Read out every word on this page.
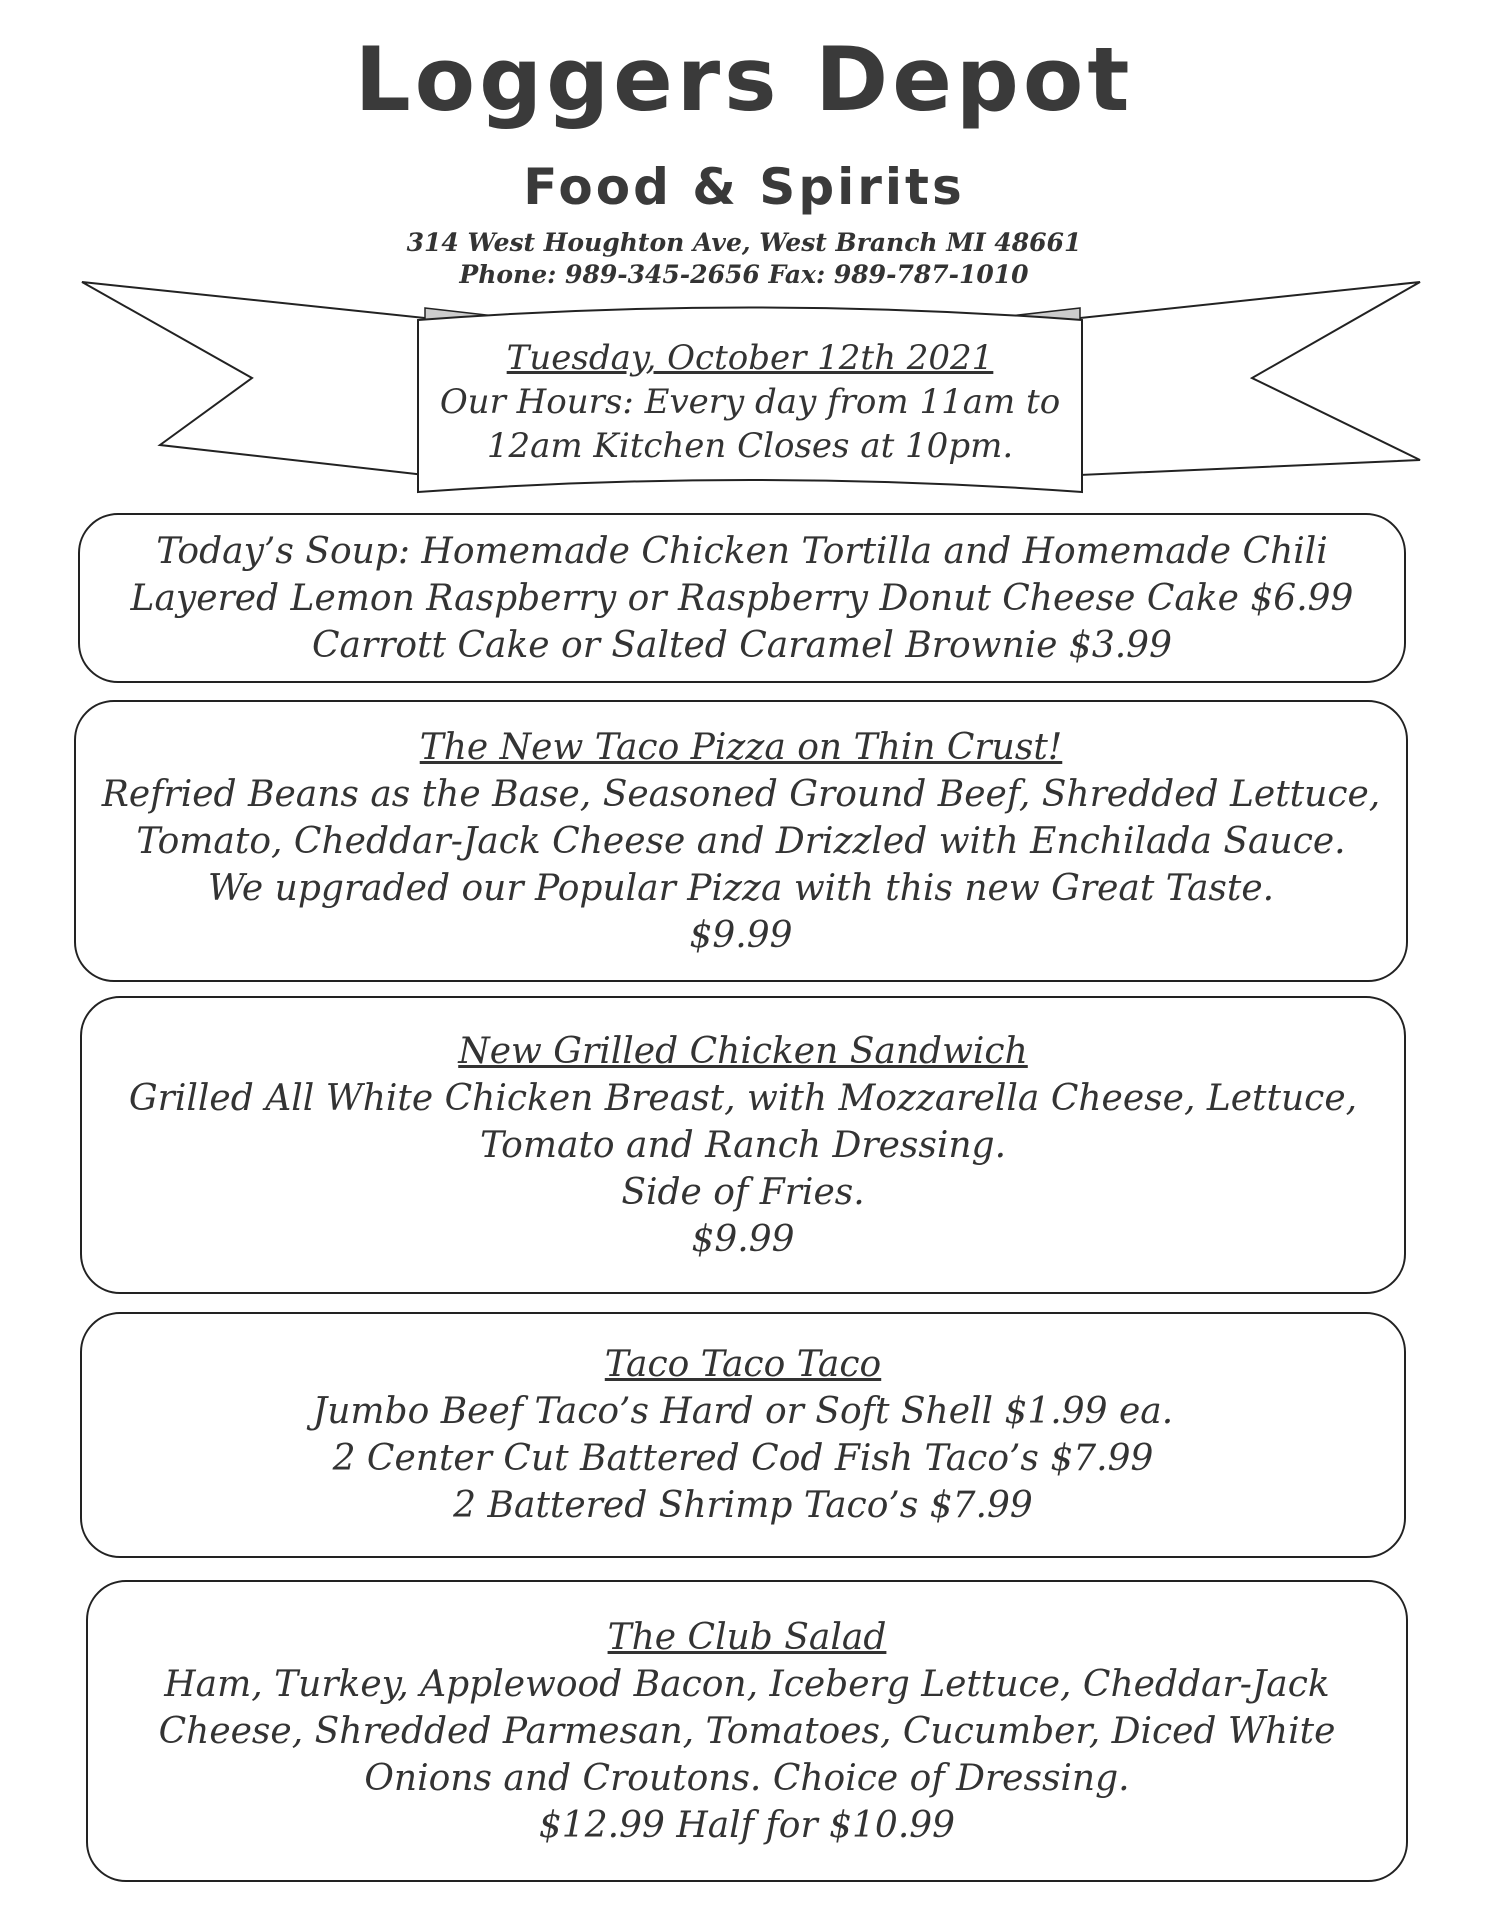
Loggers Depot
Food & Spirits
314 West Houghton Ave, West Branch MI 48661
Phone: 989-345-2656 Fax: 989-787-1010
Tuesday, October 12th 2021
Our Hours: Every day from 11am to
12am Kitchen Closes at 10pm.
Today’s Soup: Homemade Chicken Tortilla and Homemade Chili
Layered Lemon Raspberry or Raspberry Donut Cheese Cake $6.99
Carrott Cake or Salted Caramel Brownie $3.99
The New Taco Pizza on Thin Crust!
Refried Beans as the Base, Seasoned Ground Beef, Shredded Lettuce,
Tomato, Cheddar-Jack Cheese and Drizzled with Enchilada Sauce.
We upgraded our Popular Pizza with this new Great Taste.
$9.99
New Grilled Chicken Sandwich
Grilled All White Chicken Breast, with Mozzarella Cheese, Lettuce,
Tomato and Ranch Dressing.
Side of Fries.
$9.99
Taco Taco Taco
Jumbo Beef Taco’s Hard or Soft Shell $1.99 ea.
2 Center Cut Battered Cod Fish Taco’s $7.99
2 Battered Shrimp Taco’s $7.99
The Club Salad
Ham, Turkey, Applewood Bacon, Iceberg Lettuce, Cheddar-Jack
Cheese, Shredded Parmesan, Tomatoes, Cucumber, Diced White
Onions and Croutons. Choice of Dressing.
$12.99 Half for $10.99
